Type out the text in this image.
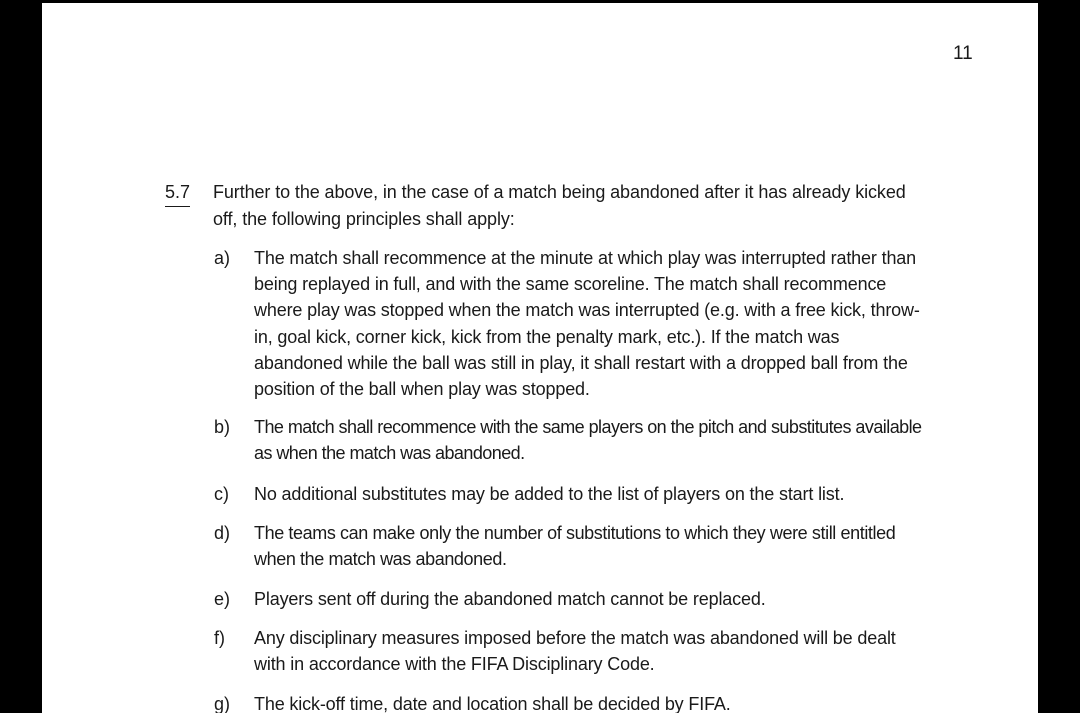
11
5.7 Further to the above, in the case of a match being abandoned after it has already kicked off, the following principles shall apply:
a) The match shall recommence at the minute at which play was interrupted rather than being replayed in full, and with the same scoreline. The match shall recommence where play was stopped when the match was interrupted (e.g. with a free kick, throw-in, goal kick, corner kick, kick from the penalty mark, etc.). If the match was abandoned while the ball was still in play, it shall restart with a dropped ball from the position of the ball when play was stopped.
b) The match shall recommence with the same players on the pitch and substitutes available as when the match was abandoned.
c) No additional substitutes may be added to the list of players on the start list.
d) The teams can make only the number of substitutions to which they were still entitled when the match was abandoned.
e) Players sent off during the abandoned match cannot be replaced.
f) Any disciplinary measures imposed before the match was abandoned will be dealt with in accordance with the FIFA Disciplinary Code.
g) The kick-off time, date and location shall be decided by FIFA.
